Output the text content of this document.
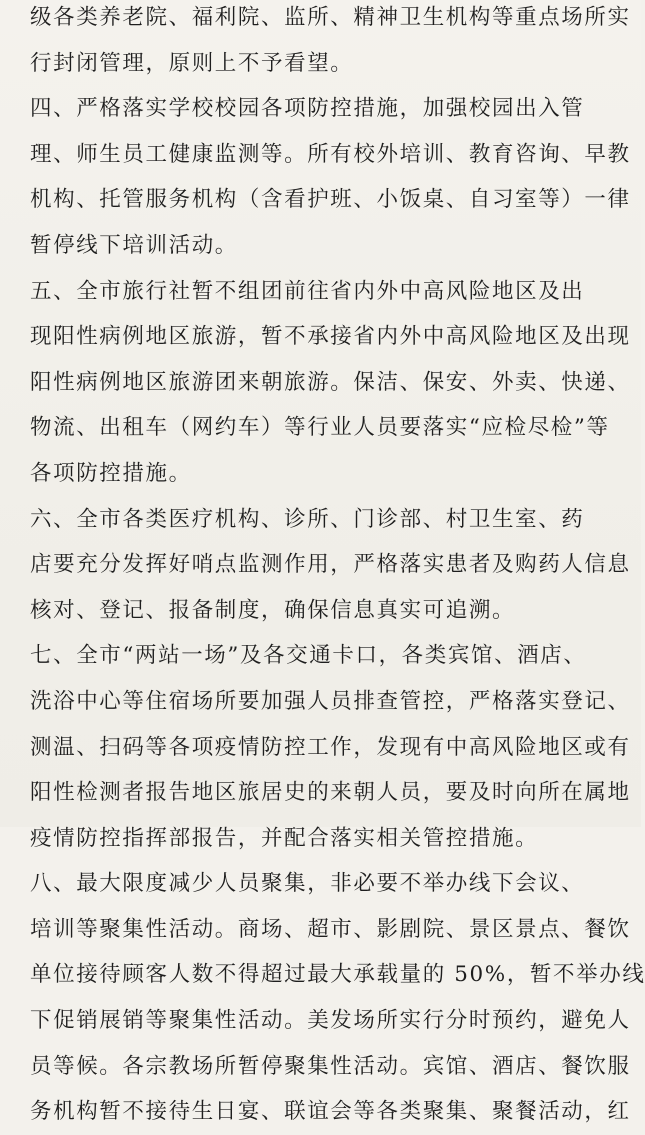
级各类养老院、福利院、监所、精神卫生机构等重点场所实
行封闭管理，原则上不予看望。
四、严格落实学校校园各项防控措施，加强校园出入管
理、师生员工健康监测等。所有校外培训、教育咨询、早教
机构、托管服务机构（含看护班、小饭桌、自习室等）一律
暂停线下培训活动。
五、全市旅行社暂不组团前往省内外中高风险地区及出
现阳性病例地区旅游，暂不承接省内外中高风险地区及出现
阳性病例地区旅游团来朝旅游。保洁、保安、外卖、快递、
物流、出租车（网约车）等行业人员要落实“应检尽检”等
各项防控措施。
六、全市各类医疗机构、诊所、门诊部、村卫生室、药
店要充分发挥好哨点监测作用，严格落实患者及购药人信息
核对、登记、报备制度，确保信息真实可追溯。
七、全市“两站一场”及各交通卡口，各类宾馆、酒店、
洗浴中心等住宿场所要加强人员排查管控，严格落实登记、
测温、扫码等各项疫情防控工作，发现有中高风险地区或有
阳性检测者报告地区旅居史的来朝人员，要及时向所在属地
疫情防控指挥部报告，并配合落实相关管控措施。
八、最大限度减少人员聚集，非必要不举办线下会议、
培训等聚集性活动。商场、超市、影剧院、景区景点、餐饮
单位接待顾客人数不得超过最大承载量的 50%，暂不举办线
下促销展销等聚集性活动。美发场所实行分时预约，避免人
员等候。各宗教场所暂停聚集性活动。宾馆、酒店、餐饮服
务机构暂不接待生日宴、联谊会等各类聚集、聚餐活动，红
